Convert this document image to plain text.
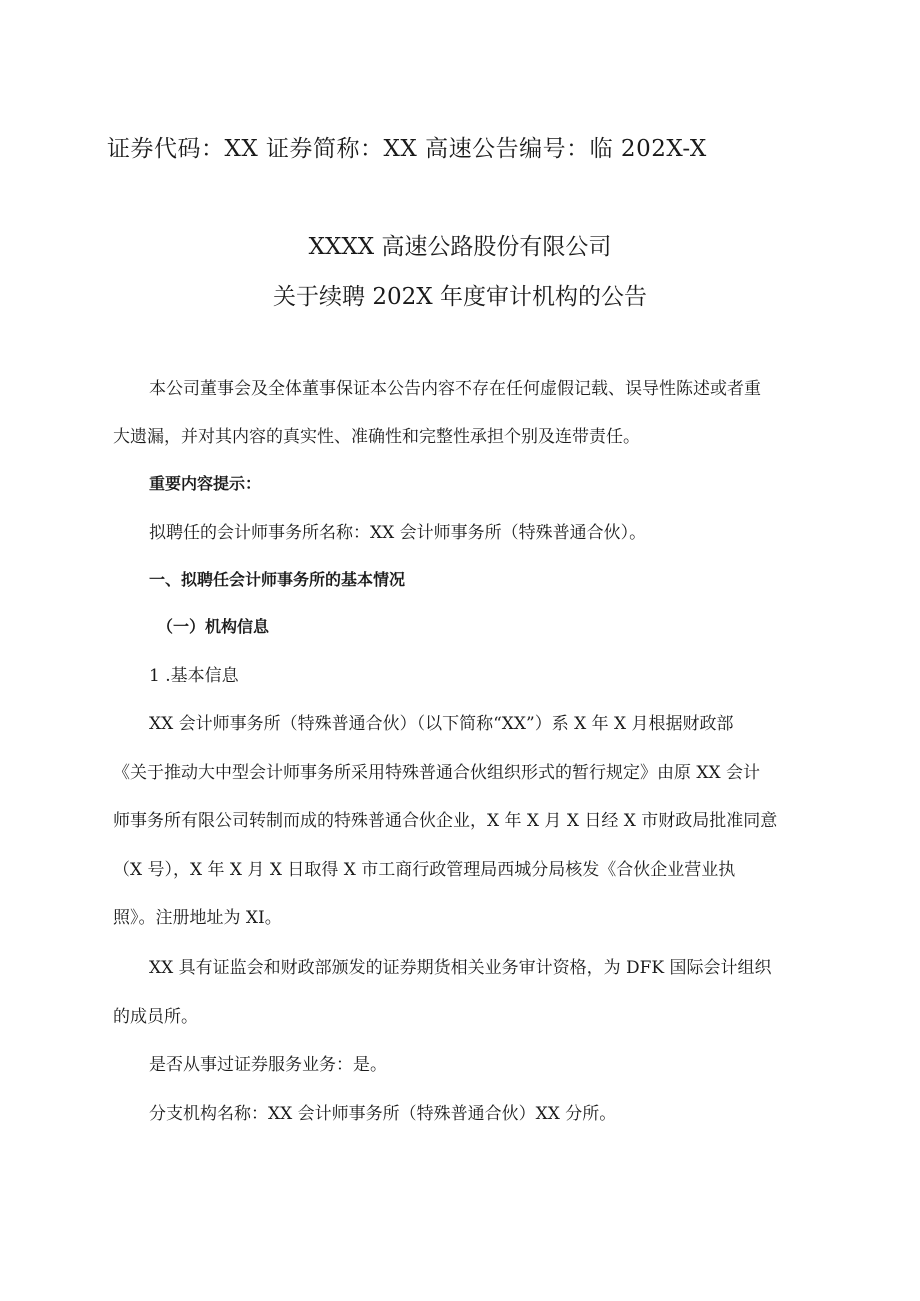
证券代码：XX 证券简称：XX 高速公告编号：临 202X-X
XXXX 高速公路股份有限公司
关于续聘 202X 年度审计机构的公告
本公司董事会及全体董事保证本公告内容不存在任何虚假记载、误导性陈述或者重
大遗漏，并对其内容的真实性、准确性和完整性承担个别及连带责任。
重要内容提示：
拟聘任的会计师事务所名称：XX 会计师事务所（特殊普通合伙）。
一、拟聘任会计师事务所的基本情况
（一）机构信息
1 .基本信息
XX 会计师事务所（特殊普通合伙）（以下简称“XX”）系 X 年 X 月根据财政部
《关于推动大中型会计师事务所采用特殊普通合伙组织形式的暂行规定》由原 XX 会计
师事务所有限公司转制而成的特殊普通合伙企业，X 年 X 月 X 日经 X 市财政局批准同意
（X 号），X 年 X 月 X 日取得 X 市工商行政管理局西城分局核发《合伙企业营业执
照》。注册地址为 XI。
XX 具有证监会和财政部颁发的证券期货相关业务审计资格，为 DFK 国际会计组织
的成员所。
是否从事过证券服务业务：是。
分支机构名称：XX 会计师事务所（特殊普通合伙）XX 分所。
